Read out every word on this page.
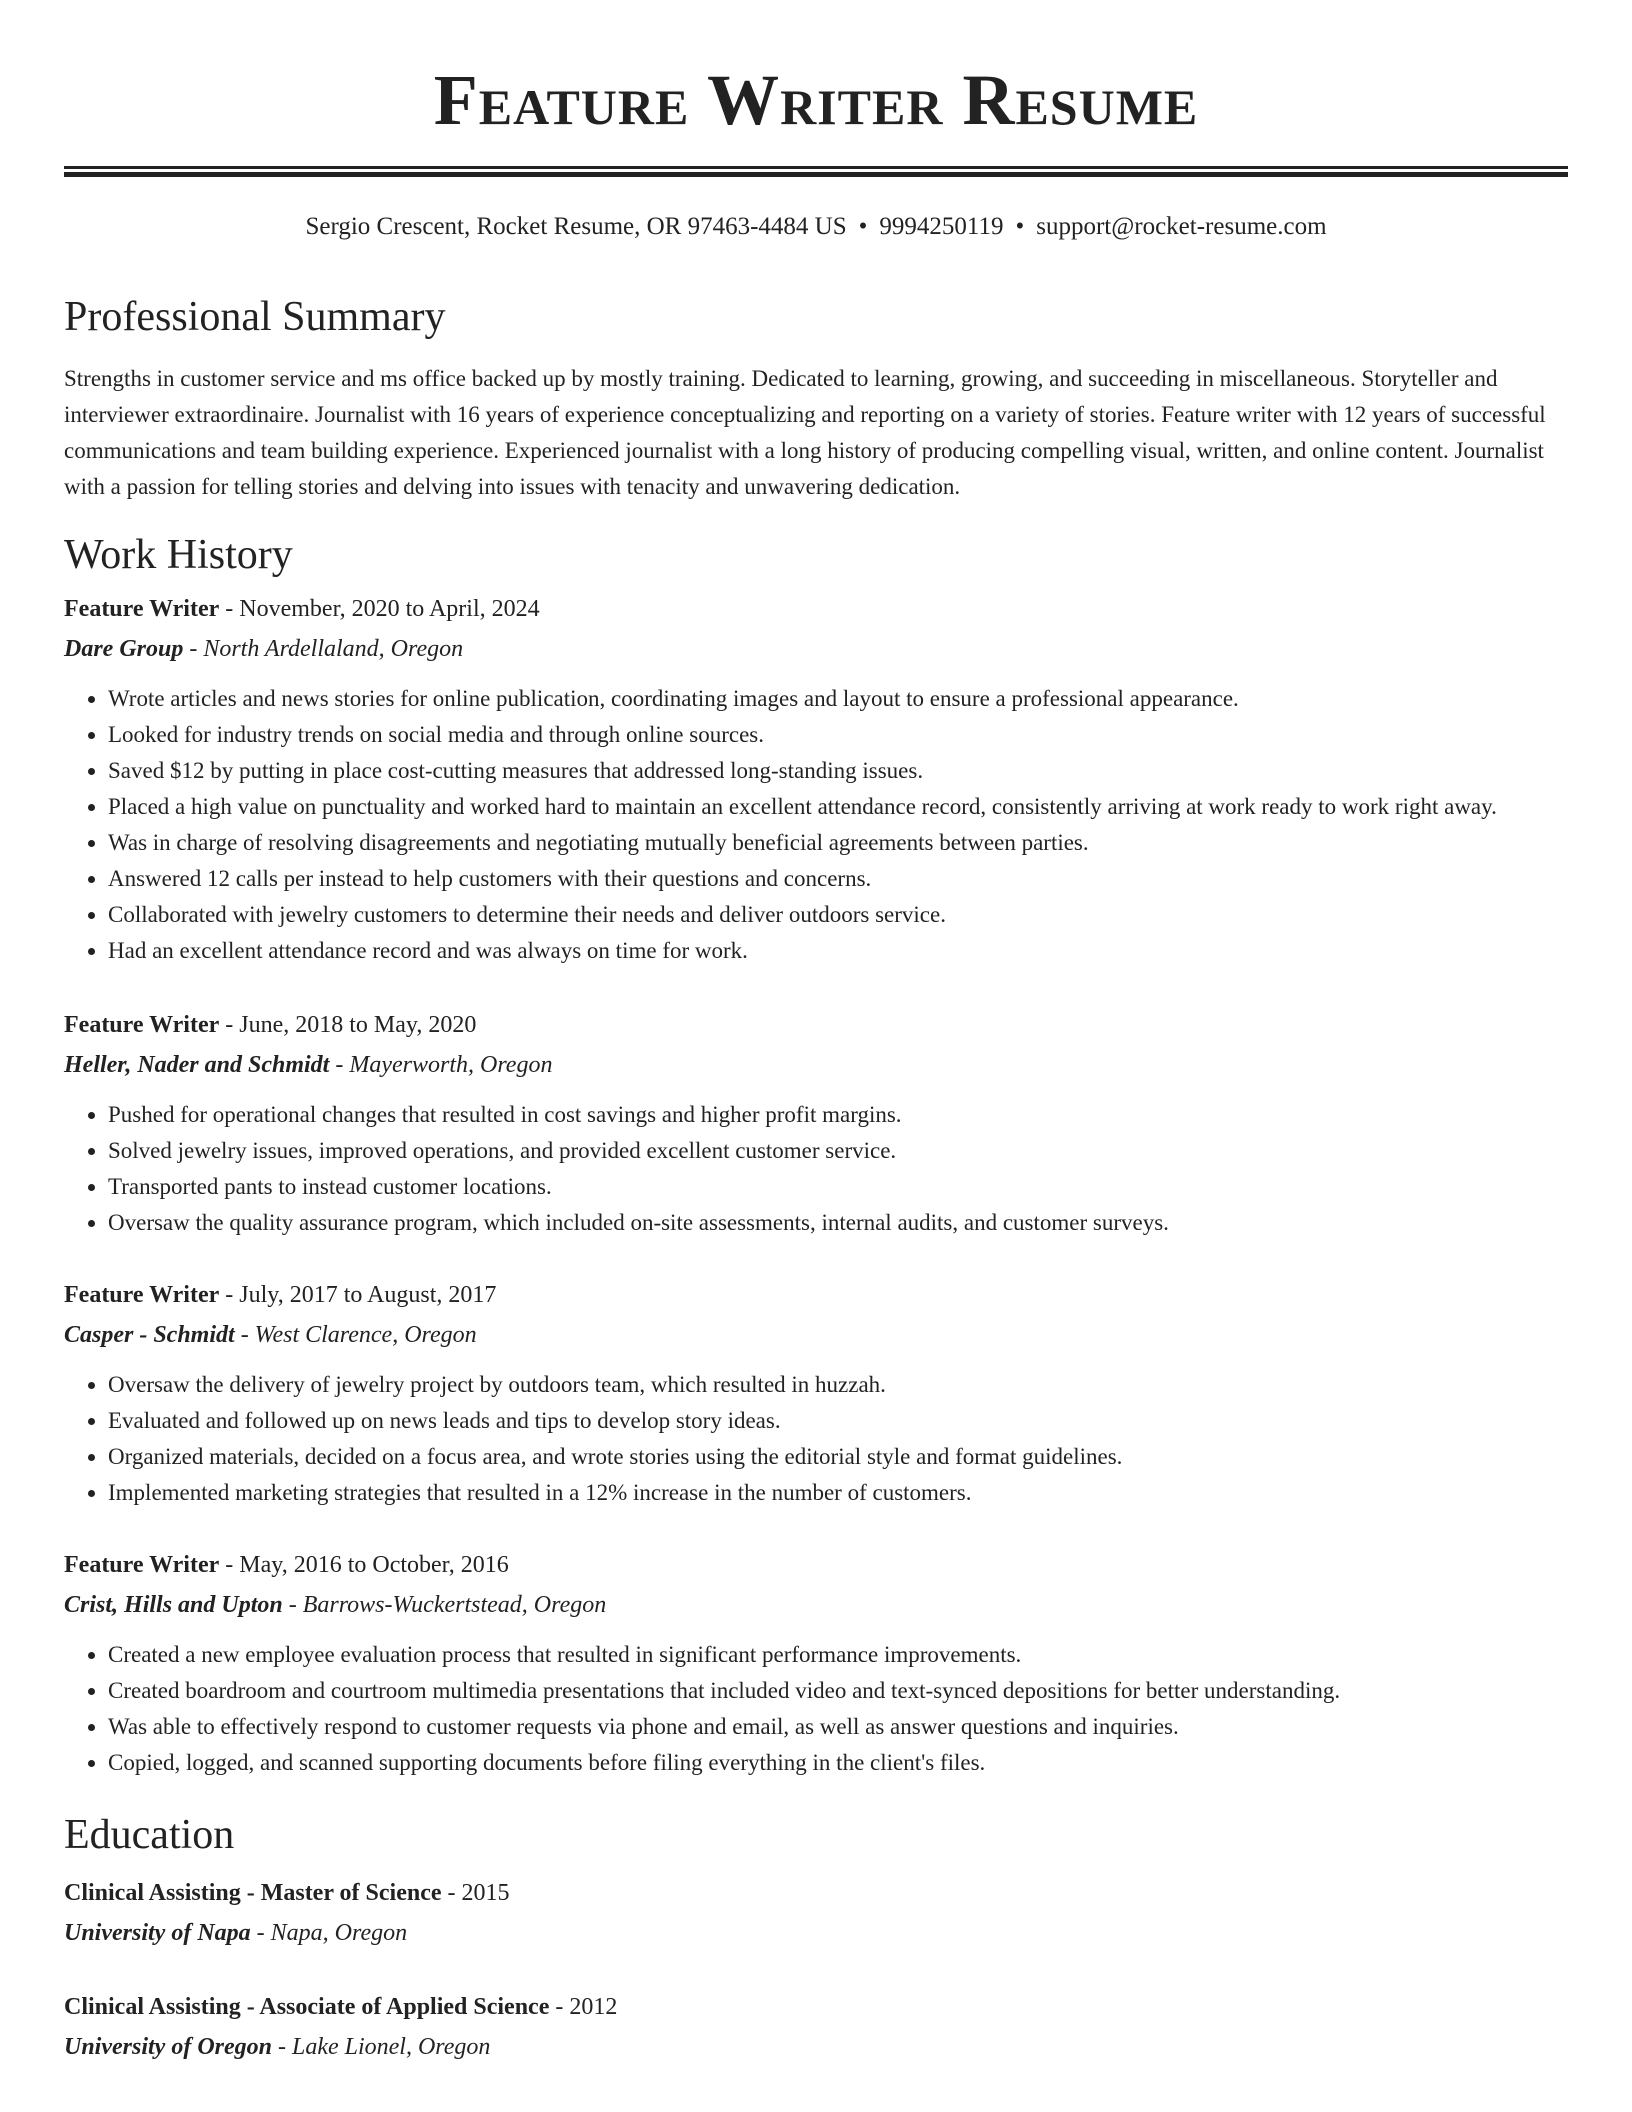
Feature Writer Resume
Sergio Crescent, Rocket Resume, OR 97463-4484 US • 9994250119 • support@rocket-resume.com
Professional Summary
Strengths in customer service and ms office backed up by mostly training. Dedicated to learning, growing, and succeeding in miscellaneous. Storyteller and interviewer extraordinaire. Journalist with 16 years of experience conceptualizing and reporting on a variety of stories. Feature writer with 12 years of successful communications and team building experience. Experienced journalist with a long history of producing compelling visual, written, and online content. Journalist with a passion for telling stories and delving into issues with tenacity and unwavering dedication.
Work History
Feature Writer - November, 2020 to April, 2024
Dare Group - North Ardellaland, Oregon
• Wrote articles and news stories for online publication, coordinating images and layout to ensure a professional appearance.
• Looked for industry trends on social media and through online sources.
• Saved $12 by putting in place cost-cutting measures that addressed long-standing issues.
• Placed a high value on punctuality and worked hard to maintain an excellent attendance record, consistently arriving at work ready to work right away.
• Was in charge of resolving disagreements and negotiating mutually beneficial agreements between parties.
• Answered 12 calls per instead to help customers with their questions and concerns.
• Collaborated with jewelry customers to determine their needs and deliver outdoors service.
• Had an excellent attendance record and was always on time for work.
Feature Writer - June, 2018 to May, 2020
Heller, Nader and Schmidt - Mayerworth, Oregon
• Pushed for operational changes that resulted in cost savings and higher profit margins.
• Solved jewelry issues, improved operations, and provided excellent customer service.
• Transported pants to instead customer locations.
• Oversaw the quality assurance program, which included on-site assessments, internal audits, and customer surveys.
Feature Writer - July, 2017 to August, 2017
Casper - Schmidt - West Clarence, Oregon
• Oversaw the delivery of jewelry project by outdoors team, which resulted in huzzah.
• Evaluated and followed up on news leads and tips to develop story ideas.
• Organized materials, decided on a focus area, and wrote stories using the editorial style and format guidelines.
• Implemented marketing strategies that resulted in a 12% increase in the number of customers.
Feature Writer - May, 2016 to October, 2016
Crist, Hills and Upton - Barrows-Wuckertstead, Oregon
• Created a new employee evaluation process that resulted in significant performance improvements.
• Created boardroom and courtroom multimedia presentations that included video and text-synced depositions for better understanding.
• Was able to effectively respond to customer requests via phone and email, as well as answer questions and inquiries.
• Copied, logged, and scanned supporting documents before filing everything in the client's files.
Education
Clinical Assisting - Master of Science - 2015
University of Napa - Napa, Oregon
Clinical Assisting - Associate of Applied Science - 2012
University of Oregon - Lake Lionel, Oregon
